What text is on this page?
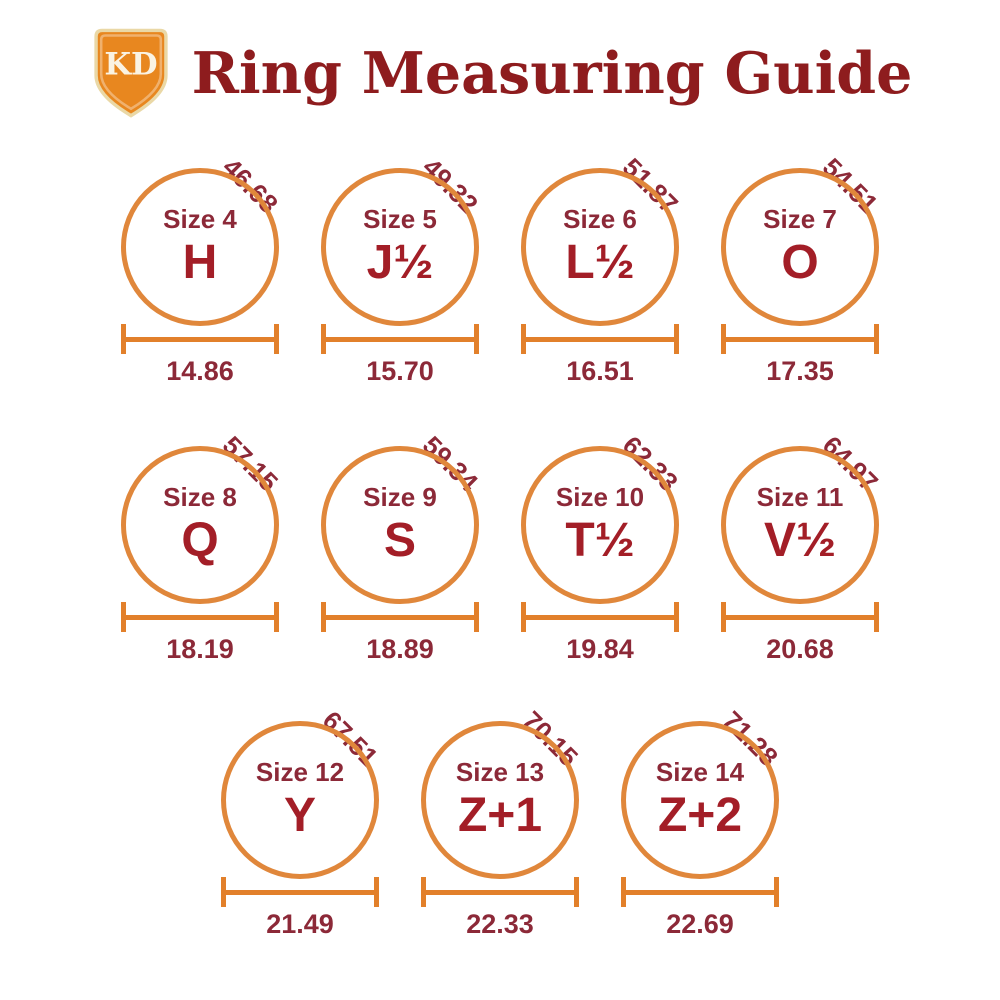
KD Ring Measuring Guide
46.68
Size 4
H
14.86
49.32
Size 5
J½
15.70
51.87
Size 6
L½
16.51
54.51
Size 7
O
17.35
57.15
Size 8
Q
18.19
59.34
Size 9
S
18.89
62.33
Size 10
T½
19.84
64.97
Size 11
V½
20.68
67.51
Size 12
Y
21.49
70.15
Size 13
Z+1
22.33
71.28
Size 14
Z+2
22.69
